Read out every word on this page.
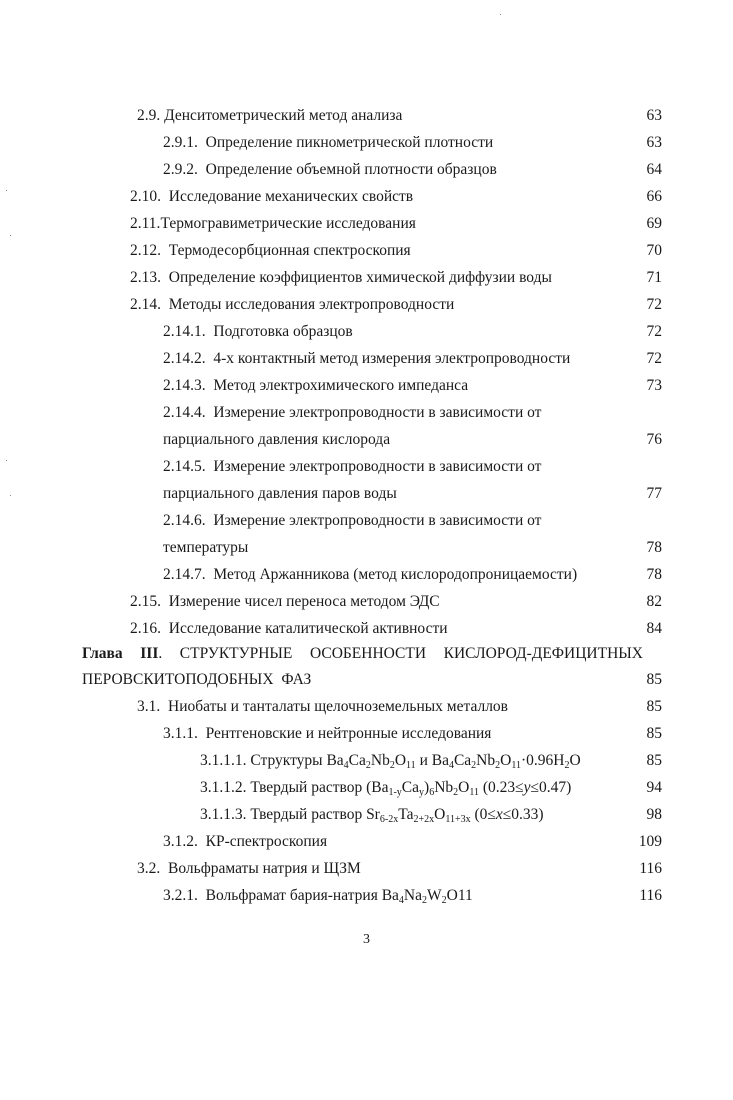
2.9. Денситометрический метод анализа	63
2.9.1. Определение пикнометрической плотности	63
2.9.2. Определение объемной плотности образцов	64
2.10. Исследование механических свойств	66
2.11.Термогравиметрические исследования	69
2.12. Термодесорбционная спектроскопия	70
2.13. Определение коэффициентов химической диффузии воды	71
2.14. Методы исследования электропроводности	72
2.14.1. Подготовка образцов	72
2.14.2. 4-х контактный метод измерения электропроводности	72
2.14.3. Метод электрохимического импеданса	73
2.14.4. Измерение электропроводности в зависимости от
парциального давления кислорода	76
2.14.5. Измерение электропроводности в зависимости от
парциального давления паров воды	77
2.14.6. Измерение электропроводности в зависимости от
температуры	78
2.14.7. Метод Аржанникова (метод кислородопроницаемости)	78
2.15. Измерение чисел переноса методом ЭДС	82
2.16. Исследование каталитической активности	84
Глава III. СТРУКТУРНЫЕ ОСОБЕННОСТИ КИСЛОРОД-ДЕФИЦИТНЫХ
ПЕРОВСКИТОПОДОБНЫХ ФАЗ	85
3.1. Ниобаты и танталаты щелочноземельных металлов	85
3.1.1. Рентгеновские и нейтронные исследования	85
3.1.1.1. Структуры $Ba_4Ca_2Nb_2O_{11}$ и $Ba_4Ca_2Nb_2O_{11}\cdot 0.96H_2O$	85
3.1.1.2. Твердый раствор $(Ba_{1-y}Ca_y)_6Nb_2O_{11}$ (0.23≤y≤0.47)	94
3.1.1.3. Твердый раствор $Sr_{6-2x}Ta_{2+2x}O_{11+3x}$ (0≤x≤0.33)	98
3.1.2. КР-спектроскопия	109
3.2. Вольфраматы натрия и ЩЗМ	116
3.2.1. Вольфрамат бария-натрия $Ba_4Na_2W_2O11$	116
3
